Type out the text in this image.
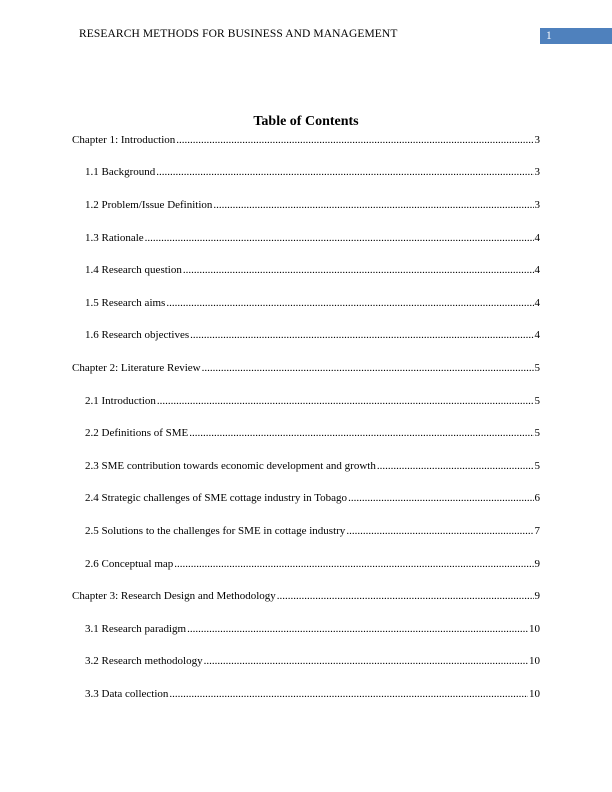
RESEARCH METHODS FOR BUSINESS AND MANAGEMENT	1
Table of Contents
Chapter 1: Introduction .....	3
1.1 Background .....	3
1.2 Problem/Issue Definition .....	3
1.3 Rationale .....	4
1.4 Research question .....	4
1.5 Research aims .....	4
1.6 Research objectives .....	4
Chapter 2: Literature Review .....	5
2.1 Introduction .....	5
2.2 Definitions of SME .....	5
2.3 SME contribution towards economic development and growth .....	5
2.4 Strategic challenges of SME cottage industry in Tobago .....	6
2.5 Solutions to the challenges for SME in cottage industry .....	7
2.6 Conceptual map .....	9
Chapter 3: Research Design and Methodology .....	9
3.1 Research paradigm .....	10
3.2 Research methodology .....	10
3.3 Data collection .....	10
